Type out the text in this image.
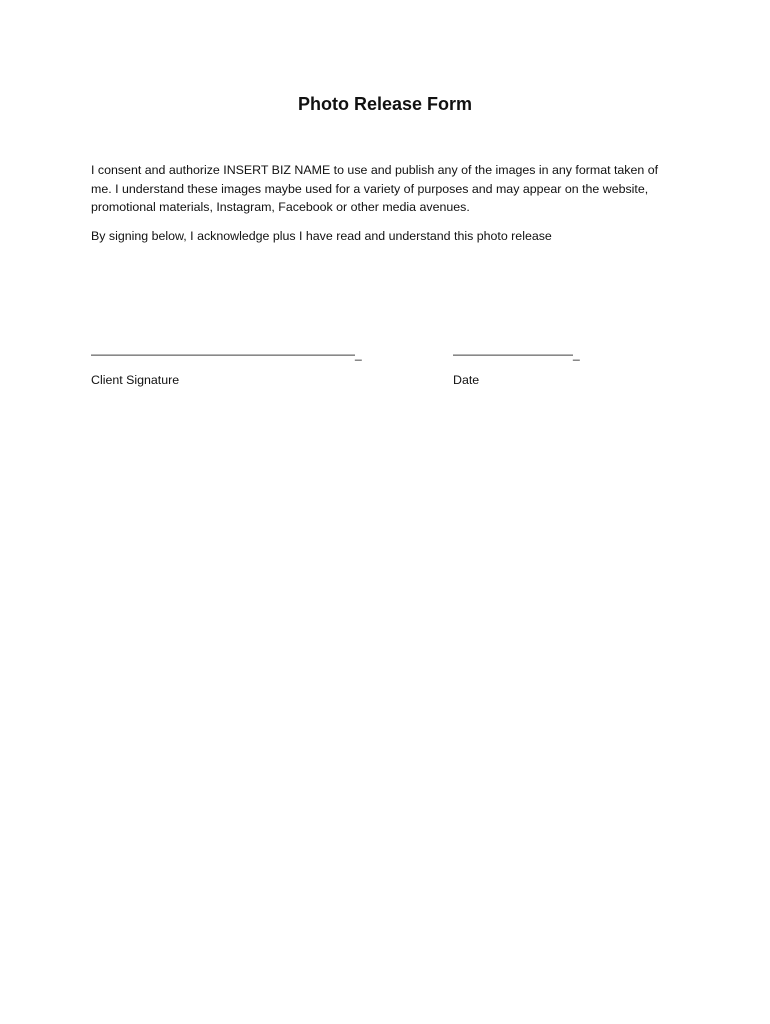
Photo Release Form

I consent and authorize INSERT BIZ NAME to use and publish any of the images in any format taken of me. I understand these images maybe used for a variety of purposes and may appear on the website, promotional materials, Instagram, Facebook or other media avenues.

By signing below, I acknowledge plus I have read and understand this photo release

——————————————————————_	——————————_
Client Signature	Date
